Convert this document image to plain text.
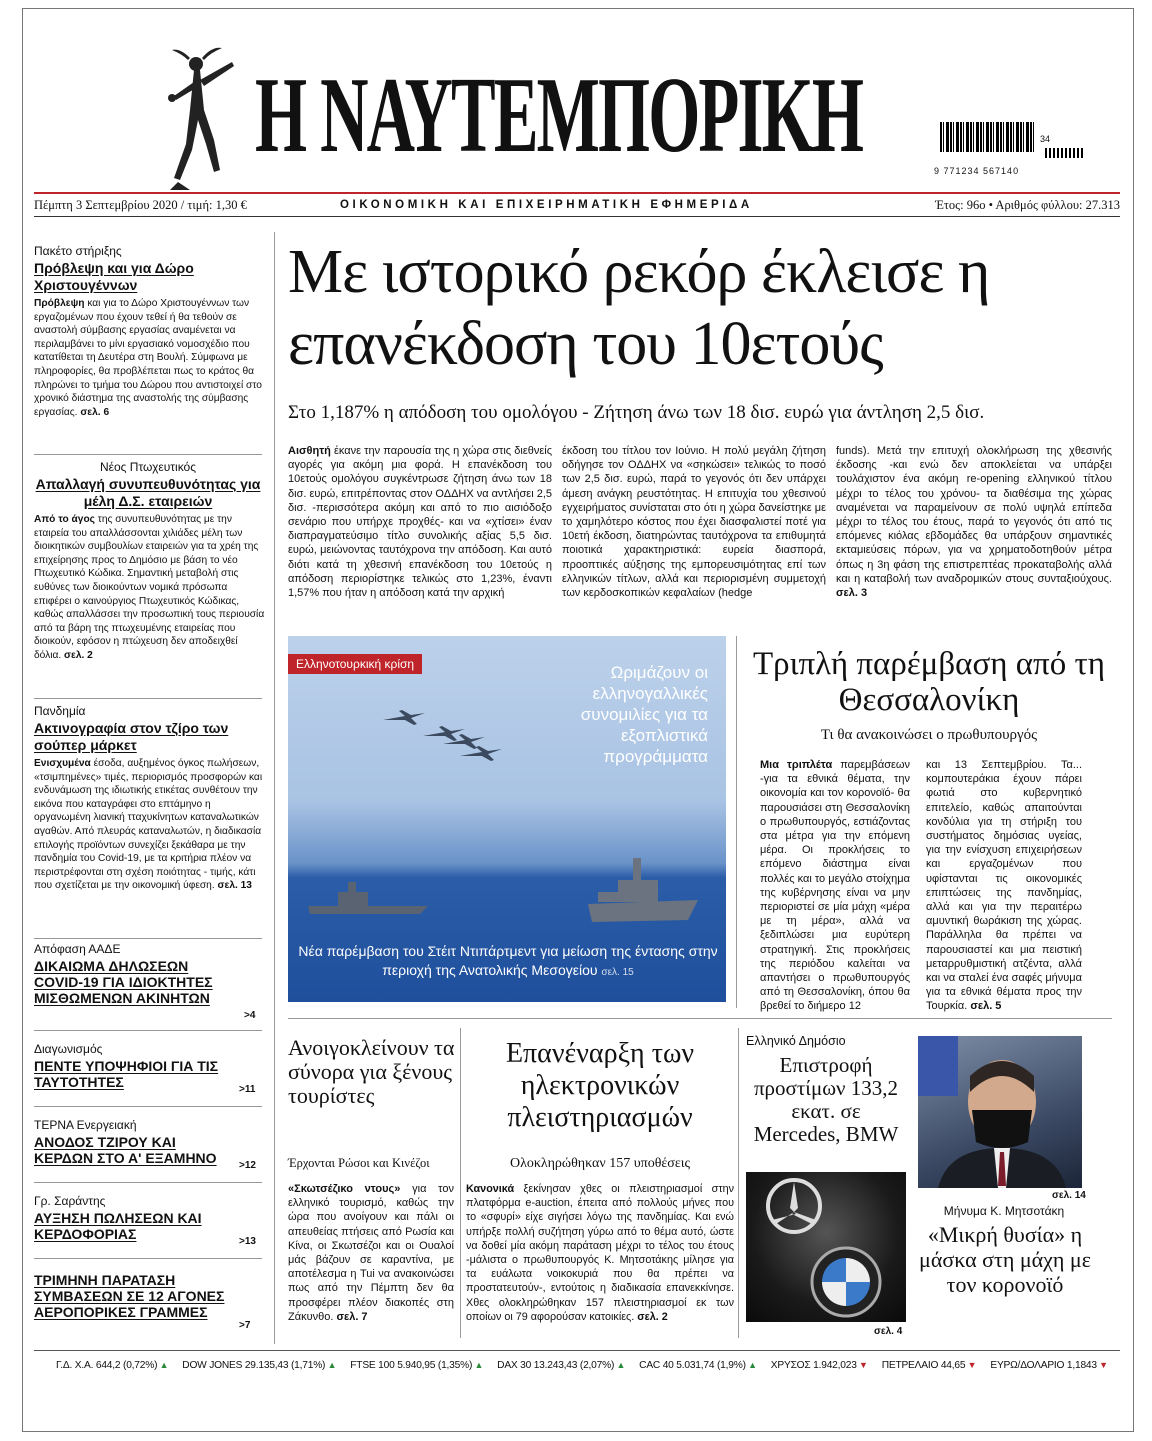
Η ΝΑΥΤΕΜΠΟΡΙΚΗ	34
9 771234 567140
Πέμπτη 3 Σεπτεμβρίου 2020 / τιμή: 1,30 €	ΟΙΚΟΝΟΜΙΚΗ ΚΑΙ ΕΠΙΧΕΙΡΗΜΑΤΙΚΗ ΕΦΗΜΕΡΙΔΑ	Έτος: 96ο • Αριθμός φύλλου: 27.313
Πακέτο στήριξης
Πρόβλεψη και για Δώρο Χριστουγέννων
Πρόβλεψη και για το Δώρο Χριστουγέννων των εργαζομένων που έχουν τεθεί ή θα τεθούν σε αναστολή σύμβασης εργασίας αναμένεται να περιλαμβάνει το μίνι εργασιακό νομοσχέδιο που κατατίθεται τη Δευτέρα στη Βουλή. Σύμφωνα με πληροφορίες, θα προβλέπεται πως το κράτος θα πληρώνει το τμήμα του Δώρου που αντιστοιχεί στο χρονικό διάστημα της αναστολής της σύμβασης εργασίας. σελ. 6
Νέος Πτωχευτικός
Απαλλαγή συνυπευθυνότητας για μέλη Δ.Σ. εταιρειών
Από το άγος της συνυπευθυνότητας με την εταιρεία του απαλλάσσονται χιλιάδες μέλη των διοικητικών συμβουλίων εταιρειών για τα χρέη της επιχείρησης προς το Δημόσιο με βάση το νέο Πτωχευτικό Κώδικα. Σημαντική μεταβολή στις ευθύνες των διοικούντων νομικά πρόσωπα επιφέρει ο καινούργιος Πτωχευτικός Κώδικας, καθώς απαλλάσσει την προσωπική τους περιουσία από τα βάρη της πτωχευμένης εταιρείας που διοικούν, εφόσον η πτώχευση δεν αποδειχθεί δόλια. σελ. 2
Πανδημία
Ακτινογραφία στον τζίρο των σούπερ μάρκετ
Ενισχυμένα έσοδα, αυξημένος όγκος πωλήσεων, «τσιμπημένες» τιμές, περιορισμός προσφορών και ενδυνάμωση της ιδιωτικής ετικέτας συνθέτουν την εικόνα που καταγράφει στο επτάμηνο η οργανωμένη λιανική τταχυκίνητων καταναλωτικών αγαθών. Από πλευράς καταναλωτών, η διαδικασία επιλογής προϊόντων συνεχίζει ξεκάθαρα με την πανδημία του Covid-19, με τα κριτήρια πλέον να περιστρέφονται στη σχέση ποιότητας - τιμής, κάτι που σχετίζεται με την οικονομική ύφεση. σελ. 13
Απόφαση ΑΑΔΕ
ΔΙΚΑΙΩΜΑ ΔΗΛΩΣΕΩΝ COVID-19 ΓΙΑ ΙΔΙΟΚΤΗΤΕΣ ΜΙΣΘΩΜΕΝΩΝ ΑΚΙΝΗΤΩΝ
>4
Διαγωνισμός
ΠΕΝΤΕ ΥΠΟΨΗΦΙΟΙ ΓΙΑ ΤΙΣ ΤΑΥΤΟΤΗΤΕΣ	>11
ΤΕΡΝΑ Ενεργειακή
ΑΝΟΔΟΣ ΤΖΙΡΟΥ ΚΑΙ ΚΕΡΔΩΝ ΣΤΟ Α' ΕΞΑΜΗΝΟ	>12
Γρ. Σαράντης
ΑΥΞΗΣΗ ΠΩΛΗΣΕΩΝ ΚΑΙ ΚΕΡΔΟΦΟΡΙΑΣ	>13
ΤΡΙΜΗΝΗ ΠΑΡΑΤΑΣΗ ΣΥΜΒΑΣΕΩΝ ΣΕ 12 ΑΓΟΝΕΣ ΑΕΡΟΠΟΡΙΚΕΣ ΓΡΑΜΜΕΣ
>7
Με ιστορικό ρεκόρ έκλεισε η επανέκδοση του 10ετούς
Στο 1,187% η απόδοση του ομολόγου - Ζήτηση άνω των 18 δισ. ευρώ για άντληση 2,5 δισ.
Αισθητή έκανε την παρουσία της η χώρα στις διεθνείς αγορές για ακόμη μια φορά. Η επανέκδοση του 10ετούς ομολόγου συγκέντρωσε ζήτηση άνω των 18 δισ. ευρώ, επιτρέποντας στον ΟΔΔΗΧ να αντλήσει 2,5 δισ. -περισσότερα ακόμη και από το πιο αισιόδοξο σενάριο που υπήρχε προχθές- και να «χτίσει» έναν διαπραγματεύσιμο τίτλο συνολικής αξίας 5,5 δισ. ευρώ, μειώνοντας ταυτόχρονα την απόδοση. Και αυτό διότι κατά τη χθεσινή επανέκδοση του 10ετούς η απόδοση περιορίστηκε τελικώς στο 1,23%, έναντι 1,57% που ήταν η απόδοση κατά την αρχική
έκδοση του τίτλου τον Ιούνιο. Η πολύ μεγάλη ζήτηση οδήγησε τον ΟΔΔΗΧ να «σηκώσει» τελικώς το ποσό των 2,5 δισ. ευρώ, παρά το γεγονός ότι δεν υπάρχει άμεση ανάγκη ρευστότητας. Η επιτυχία του χθεσινού εγχειρήματος συνίσταται στο ότι η χώρα δανείστηκε με το χαμηλότερο κόστος που έχει διασφαλιστεί ποτέ για 10ετή έκδοση, διατηρώντας ταυτόχρονα τα επιθυμητά ποιοτικά χαρακτηριστικά: ευρεία διασπορά, προοπτικές αύξησης της εμπορευσιμότητας επί των ελληνικών τίτλων, αλλά και περιορισμένη συμμετοχή των κερδοσκοπικών κεφαλαίων (hedge
funds). Μετά την επιτυχή ολοκλήρωση της χθεσινής έκδοσης -και ενώ δεν αποκλείεται να υπάρξει τουλάχιστον ένα ακόμη re-opening ελληνικού τίτλου μέχρι το τέλος του χρόνου- τα διαθέσιμα της χώρας αναμένεται να παραμείνουν σε πολύ υψηλά επίπεδα μέχρι το τέλος του έτους, παρά το γεγονός ότι από τις επόμενες κιόλας εβδομάδες θα υπάρξουν σημαντικές εκταμιεύσεις πόρων, για να χρηματοδοτηθούν μέτρα όπως η 3η φάση της επιστρεπτέας προκαταβολής αλλά και η καταβολή των αναδρομικών στους συνταξιούχους. σελ. 3
Ελληνοτουρκική κρίση	Ωριμάζουν οι ελληνογαλλικές συνομιλίες για τα εξοπλιστικά προγράμματα
Νέα παρέμβαση του Στέιτ Ντιπάρτμεντ για μείωση της έντασης στην περιοχή της Ανατολικής Μεσογείου σελ. 15
Τριπλή παρέμβαση από τη Θεσσαλονίκη
Τι θα ανακοινώσει ο πρωθυπουργός
Μια τριπλέτα παρεμβάσεων -για τα εθνικά θέματα, την οικονομία και τον κορονοϊό- θα παρουσιάσει στη Θεσσαλονίκη ο πρωθυπουργός, εστιάζοντας στα μέτρα για την επόμενη μέρα. Οι προκλήσεις το επόμενο διάστημα είναι πολλές και το μεγάλο στοίχημα της κυβέρνησης είναι να μην περιοριστεί σε μία μάχη «μέρα με τη μέρα», αλλά να ξεδιπλώσει μια ευρύτερη στρατηγική. Στις προκλήσεις της περιόδου καλείται να απαντήσει ο πρωθυπουργός από τη Θεσσαλονίκη, όπου θα βρεθεί το διήμερο 12
και 13 Σεπτεμβρίου. Τα... κομπουτεράκια έχουν πάρει φωτιά στο κυβερνητικό επιτελείο, καθώς απαιτούνται κονδύλια για τη στήριξη του συστήματος δημόσιας υγείας, για την ενίσχυση επιχειρήσεων και εργαζομένων που υφίστανται τις οικονομικές επιπτώσεις της πανδημίας, αλλά και για την περαιτέρω αμυντική θωράκιση της χώρας. Παράλληλα θα πρέπει να παρουσιαστεί και μια πειστική μεταρρυθμιστική ατζέντα, αλλά και να σταλεί ένα σαφές μήνυμα για τα εθνικά θέματα προς την Τουρκία. σελ. 5
Ανοιγοκλείνουν τα σύνορα για ξένους τουρίστες
Έρχονται Ρώσοι και Κινέζοι
«Σκωτσέζικο ντους» για τον ελληνικό τουρισμό, καθώς την ώρα που ανοίγουν και πάλι οι απευθείας πτήσεις από Ρωσία και Κίνα, οι Σκωτσέζοι και οι Ουαλοί μάς βάζουν σε καραντίνα, με αποτέλεσμα η Tui να ανακοινώσει πως από την Πέμπτη δεν θα προσφέρει πλέον διακοπές στη Ζάκυνθο. σελ. 7
Επανέναρξη των ηλεκτρονικών πλειστηριασμών
Ολοκληρώθηκαν 157 υποθέσεις
Κανονικά ξεκίνησαν χθες οι πλειστηριασμοί στην πλατφόρμα e-auction, έπειτα από πολλούς μήνες που το «σφυρί» είχε σιγήσει λόγω της πανδημίας. Και ενώ υπήρξε πολλή συζήτηση γύρω από το θέμα αυτό, ώστε να δοθεί μία ακόμη παράταση μέχρι το τέλος του έτους -μάλιστα ο πρωθυπουργός Κ. Μητσοτάκης μίλησε για τα ευάλωτα νοικοκυριά που θα πρέπει να προστατευτούν-, εντούτοις η διαδικασία επανεκκίνησε. Χθες ολοκληρώθηκαν 157 πλειστηριασμοί εκ των οποίων οι 79 αφορούσαν κατοικίες. σελ. 2
Ελληνικό Δημόσιο
Επιστροφή προστίμων 133,2 εκατ. σε Mercedes, BMW
σελ. 4
σελ. 14
Μήνυμα Κ. Μητσοτάκη
«Μικρή θυσία» η μάσκα στη μάχη με τον κορονοϊό
Γ.Δ. Χ.Α. 644,2 (0,72%) ▲ DOW JONES 29.135,43 (1,71%) ▲ FTSE 100 5.940,95 (1,35%) ▲ DAX 30 13.243,43 (2,07%) ▲ CAC 40 5.031,74 (1,9%) ▲ ΧΡΥΣΟΣ 1.942,023 ▼ ΠΕΤΡΕΛΑΙΟ 44,65 ▼ ΕΥΡΩ/ΔΟΛΑΡΙΟ 1,1843 ▼
